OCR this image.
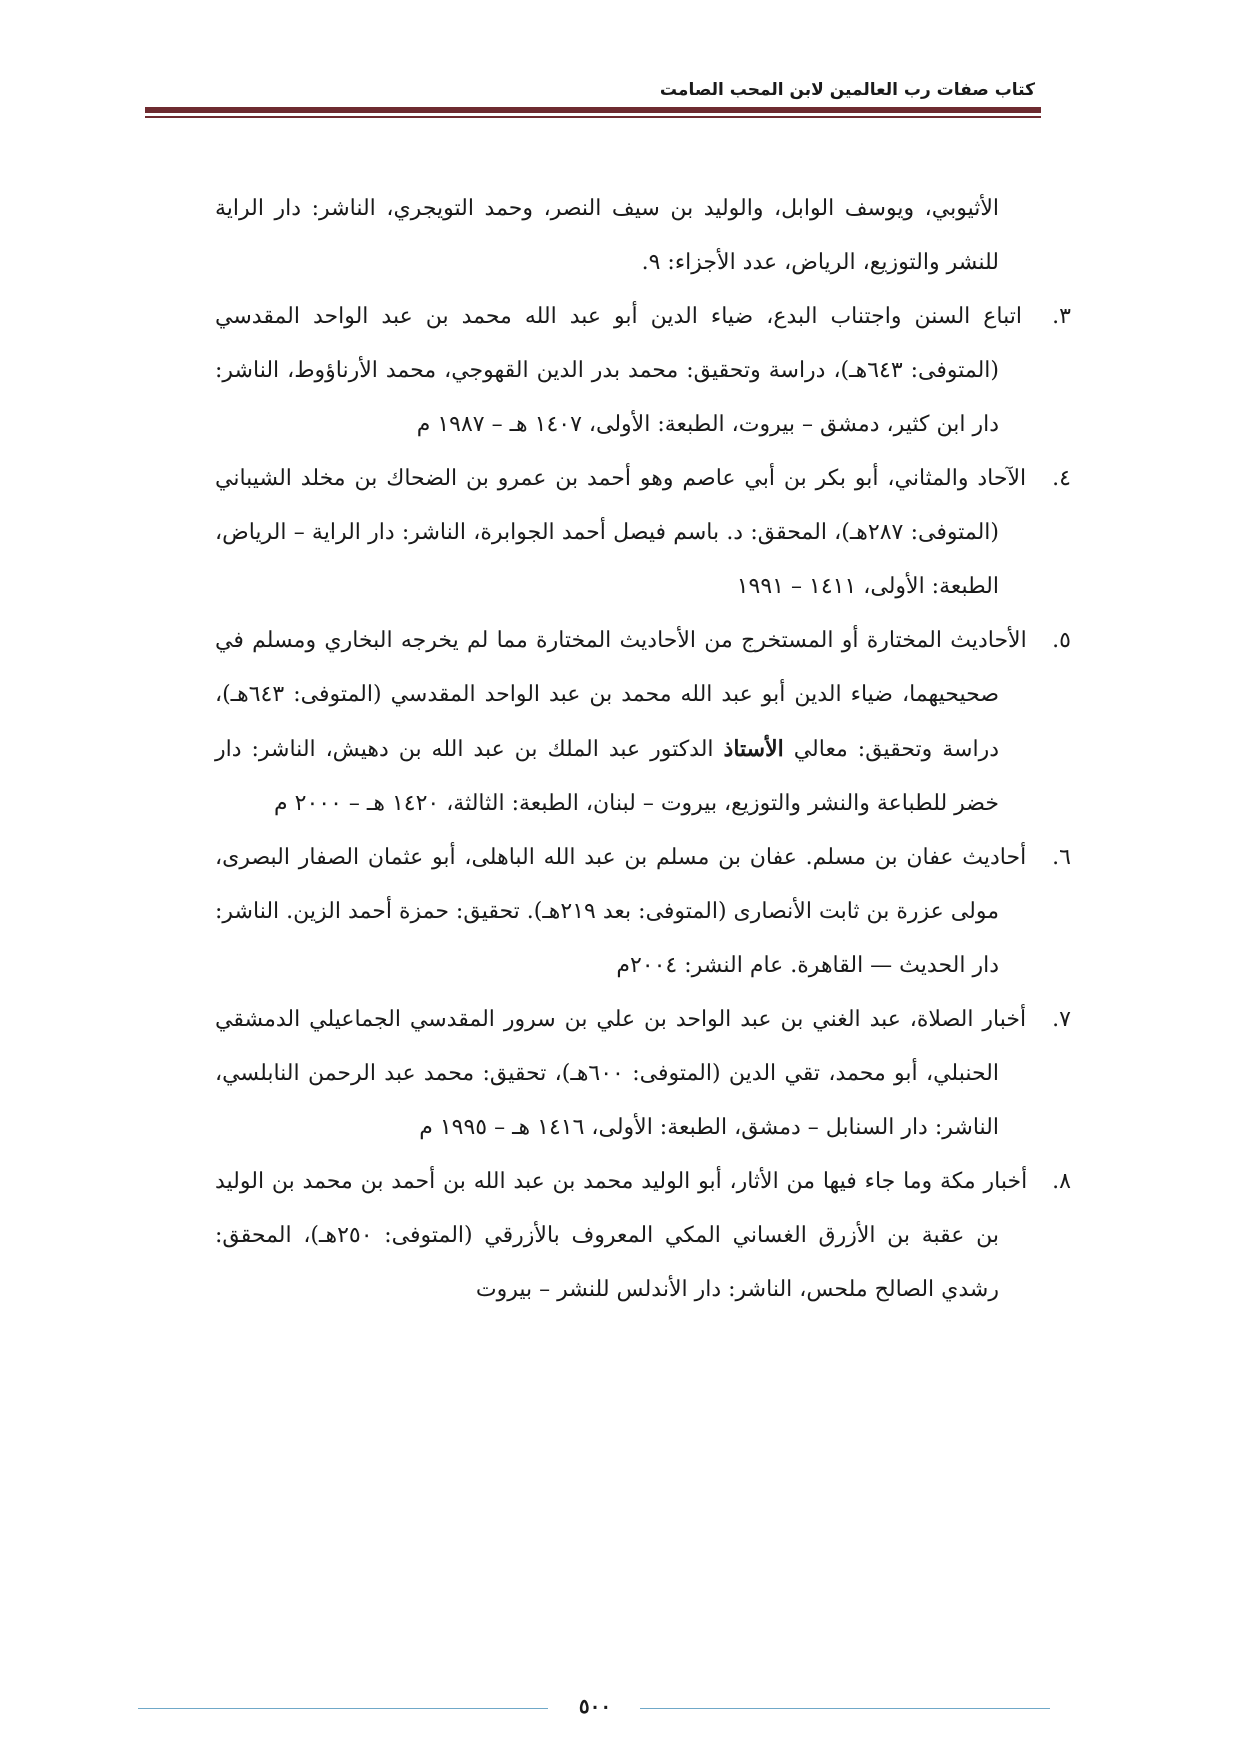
كتاب صفات رب العالمين لابن المحب الصامت

الأثيوبي، ويوسف الوابل، والوليد بن سيف النصر، وحمد التويجري، الناشر: دار الراية للنشر والتوزيع، الرياض، عدد الأجزاء: ٩.

٣. اتباع السنن واجتناب البدع، ضياء الدين أبو عبد الله محمد بن عبد الواحد المقدسي (المتوفى: ٦٤٣هـ)، دراسة وتحقيق: محمد بدر الدين القهوجي، محمد الأرناؤوط، الناشر: دار ابن كثير، دمشق – بيروت، الطبعة: الأولى، ١٤٠٧ هـ – ١٩٨٧ م

٤. الآحاد والمثاني، أبو بكر بن أبي عاصم وهو أحمد بن عمرو بن الضحاك بن مخلد الشيباني (المتوفى: ٢٨٧هـ)، المحقق: د. باسم فيصل أحمد الجوابرة، الناشر: دار الراية – الرياض، الطبعة: الأولى، ١٤١١ – ١٩٩١

٥. الأحاديث المختارة أو المستخرج من الأحاديث المختارة مما لم يخرجه البخاري ومسلم في صحيحيهما، ضياء الدين أبو عبد الله محمد بن عبد الواحد المقدسي (المتوفى: ٦٤٣هـ)، دراسة وتحقيق: معالي الأستاذ الدكتور عبد الملك بن عبد الله بن دهيش، الناشر: دار خضر للطباعة والنشر والتوزيع، بيروت – لبنان، الطبعة: الثالثة، ١٤٢٠ هـ – ٢٠٠٠ م

٦. أحاديث عفان بن مسلم. عفان بن مسلم بن عبد الله الباهلى، أبو عثمان الصفار البصرى، مولى عزرة بن ثابت الأنصارى (المتوفى: بعد ٢١٩هـ). تحقيق: حمزة أحمد الزين. الناشر: دار الحديث — القاهرة. عام النشر: ٢٠٠٤م

٧. أخبار الصلاة، عبد الغني بن عبد الواحد بن علي بن سرور المقدسي الجماعيلي الدمشقي الحنبلي، أبو محمد، تقي الدين (المتوفى: ٦٠٠هـ)، تحقيق: محمد عبد الرحمن النابلسي، الناشر: دار السنابل – دمشق، الطبعة: الأولى، ١٤١٦ هـ – ١٩٩٥ م

٨. أخبار مكة وما جاء فيها من الأثار، أبو الوليد محمد بن عبد الله بن أحمد بن محمد بن الوليد بن عقبة بن الأزرق الغساني المكي المعروف بالأزرقي (المتوفى: ٢٥٠هـ)، المحقق: رشدي الصالح ملحس، الناشر: دار الأندلس للنشر – بيروت

٥٠٠
